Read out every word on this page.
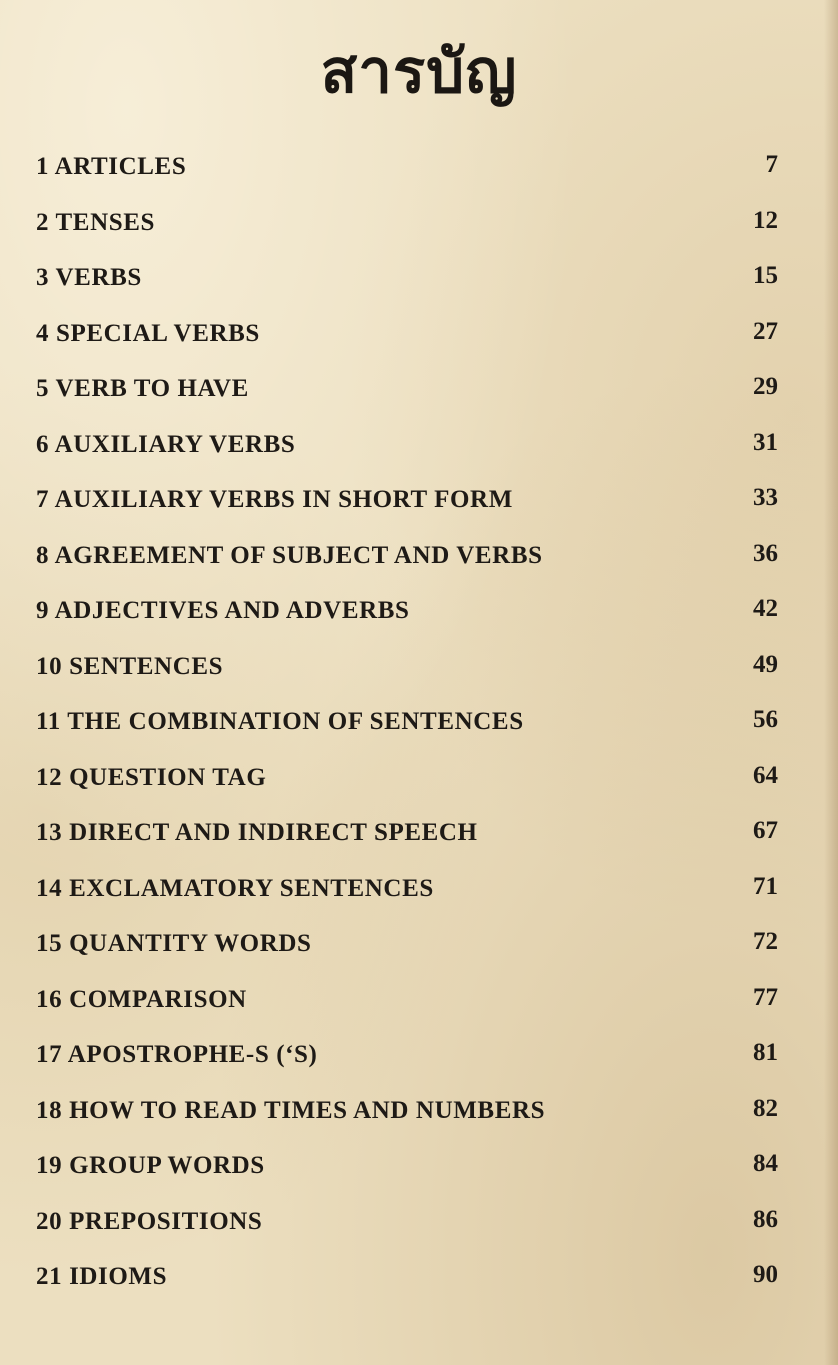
สารบัญ
1 ARTICLES	7
2 TENSES	12
3 VERBS	15
4 SPECIAL VERBS	27
5 VERB TO HAVE	29
6 AUXILIARY VERBS	31
7 AUXILIARY VERBS IN SHORT FORM	33
8 AGREEMENT OF SUBJECT AND VERBS	36
9 ADJECTIVES AND ADVERBS	42
10 SENTENCES	49
11 THE COMBINATION OF SENTENCES	56
12 QUESTION TAG	64
13 DIRECT AND INDIRECT SPEECH	67
14 EXCLAMATORY SENTENCES	71
15 QUANTITY WORDS	72
16 COMPARISON	77
17 APOSTROPHE-S (‘S)	81
18 HOW TO READ TIMES AND NUMBERS	82
19 GROUP WORDS	84
20 PREPOSITIONS	86
21 IDIOMS	90
